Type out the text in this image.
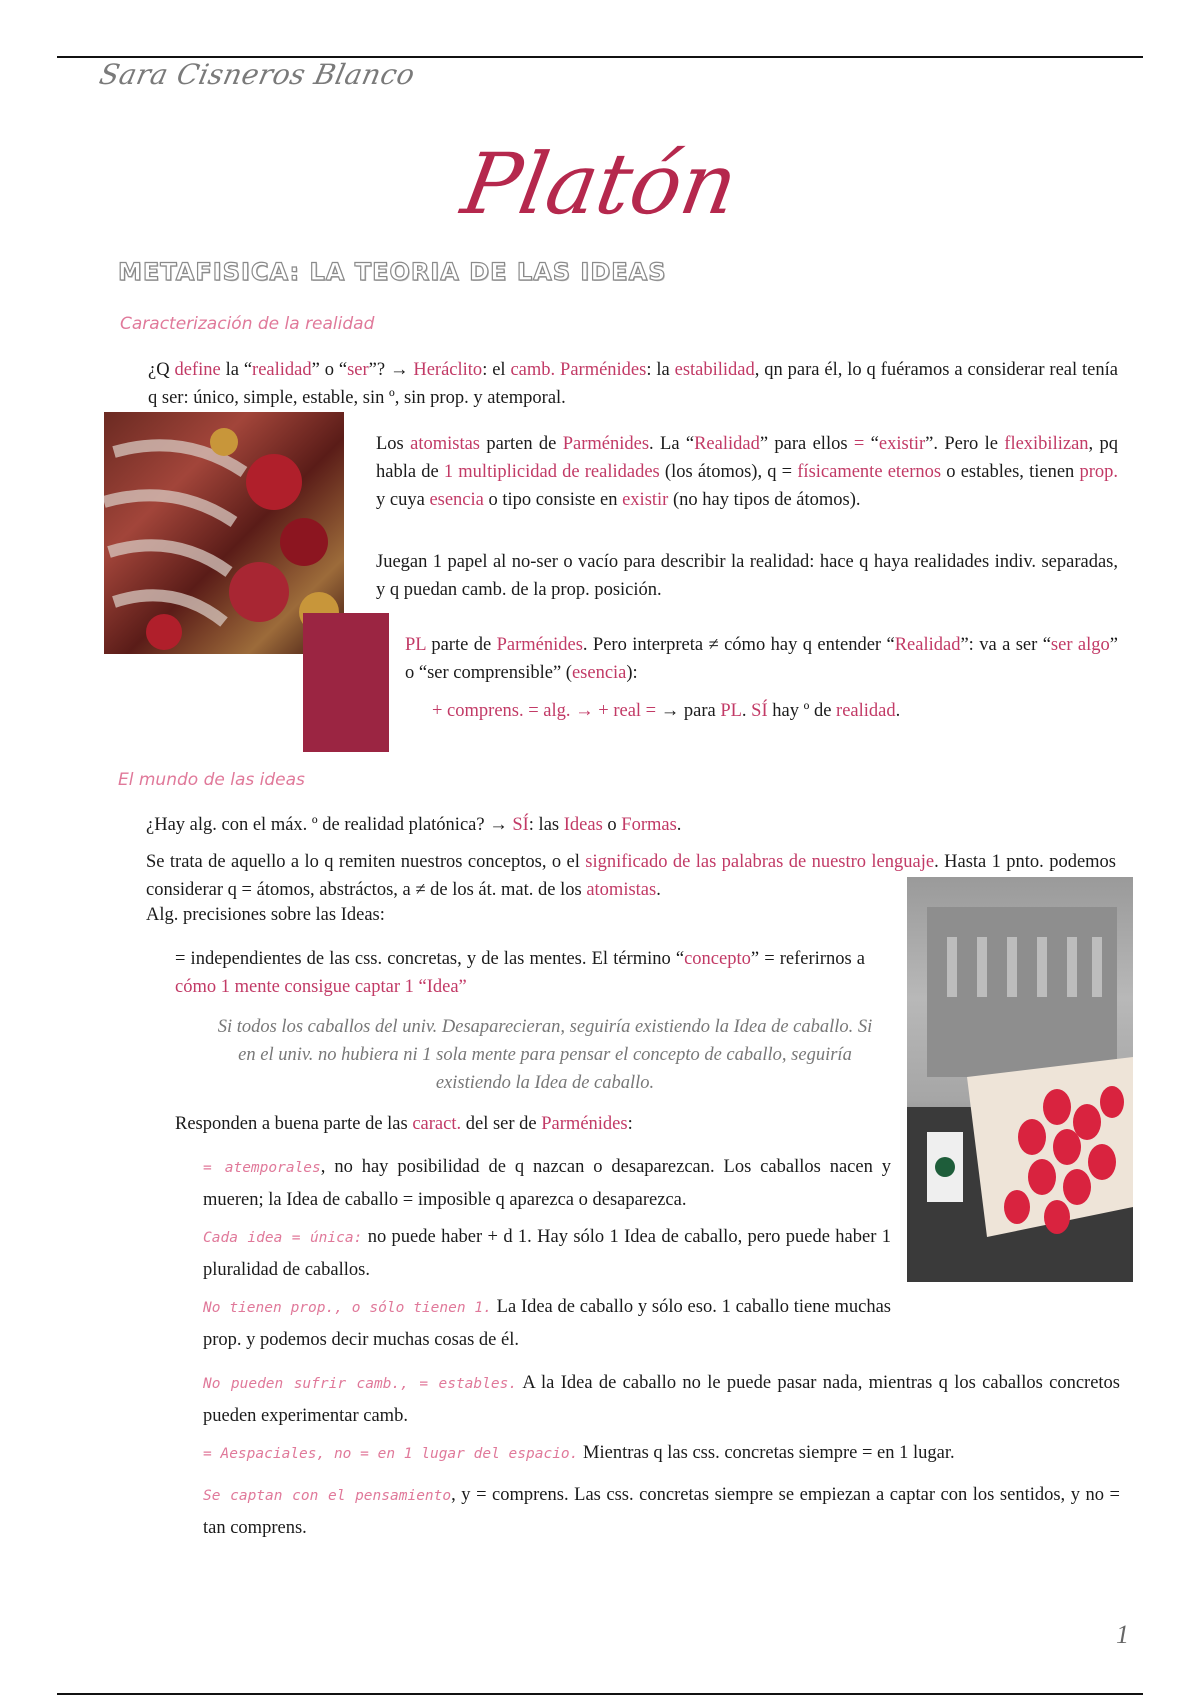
Sara Cisneros Blanco
Platón
METAFISICA: LA TEORIA DE LAS IDEAS
Caracterización de la realidad
¿Q define la “realidad” o “ser”? → Heráclito: el camb. Parménides: la estabilidad, qn para él, lo q fuéramos a considerar real tenía q ser: único, simple, estable, sin º, sin prop. y atemporal.
Los atomistas parten de Parménides. La “Realidad” para ellos = “existir”. Pero le flexibilizan, pq habla de 1 multiplicidad de realidades (los átomos), q = físicamente eternos o estables, tienen prop. y cuya esencia o tipo consiste en existir (no hay tipos de átomos).
Juegan 1 papel al no-ser o vacío para describir la realidad: hace q haya realidades indiv. separadas, y q puedan camb. de la prop. posición.
PL parte de Parménides. Pero interpreta ≠ cómo hay q entender “Realidad”: va a ser “ser algo” o “ser comprensible” (esencia):
+ comprens. = alg. → + real = → para PL. SÍ hay º de realidad.
El mundo de las ideas
¿Hay alg. con el máx. º de realidad platónica? → SÍ: las Ideas o Formas.
Se trata de aquello a lo q remiten nuestros conceptos, o el significado de las palabras de nuestro lenguaje. Hasta 1 pnto. podemos considerar q = átomos, abstráctos, a ≠ de los át. mat. de los atomistas.
Alg. precisiones sobre las Ideas:
= independientes de las css. concretas, y de las mentes. El término “concepto” = referirnos a cómo 1 mente consigue captar 1 “Idea”
Si todos los caballos del univ. Desaparecieran, seguiría existiendo la Idea de caballo. Si en el univ. no hubiera ni 1 sola mente para pensar el concepto de caballo, seguiría existiendo la Idea de caballo.
Responden a buena parte de las caract. del ser de Parménides:
= atemporales, no hay posibilidad de q nazcan o desaparezcan. Los caballos nacen y mueren; la Idea de caballo = imposible q aparezca o desaparezca.
Cada idea = única: no puede haber + d 1. Hay sólo 1 Idea de caballo, pero puede haber 1 pluralidad de caballos.
No tienen prop., o sólo tienen 1. La Idea de caballo y sólo eso. 1 caballo tiene muchas prop. y podemos decir muchas cosas de él.
No pueden sufrir camb., = estables. A la Idea de caballo no le puede pasar nada, mientras q los caballos concretos pueden experimentar camb.
= Aespaciales, no = en 1 lugar del espacio. Mientras q las css. concretas siempre = en 1 lugar.
Se captan con el pensamiento, y = comprens. Las css. concretas siempre se empiezan a captar con los sentidos, y no = tan comprens.
1
